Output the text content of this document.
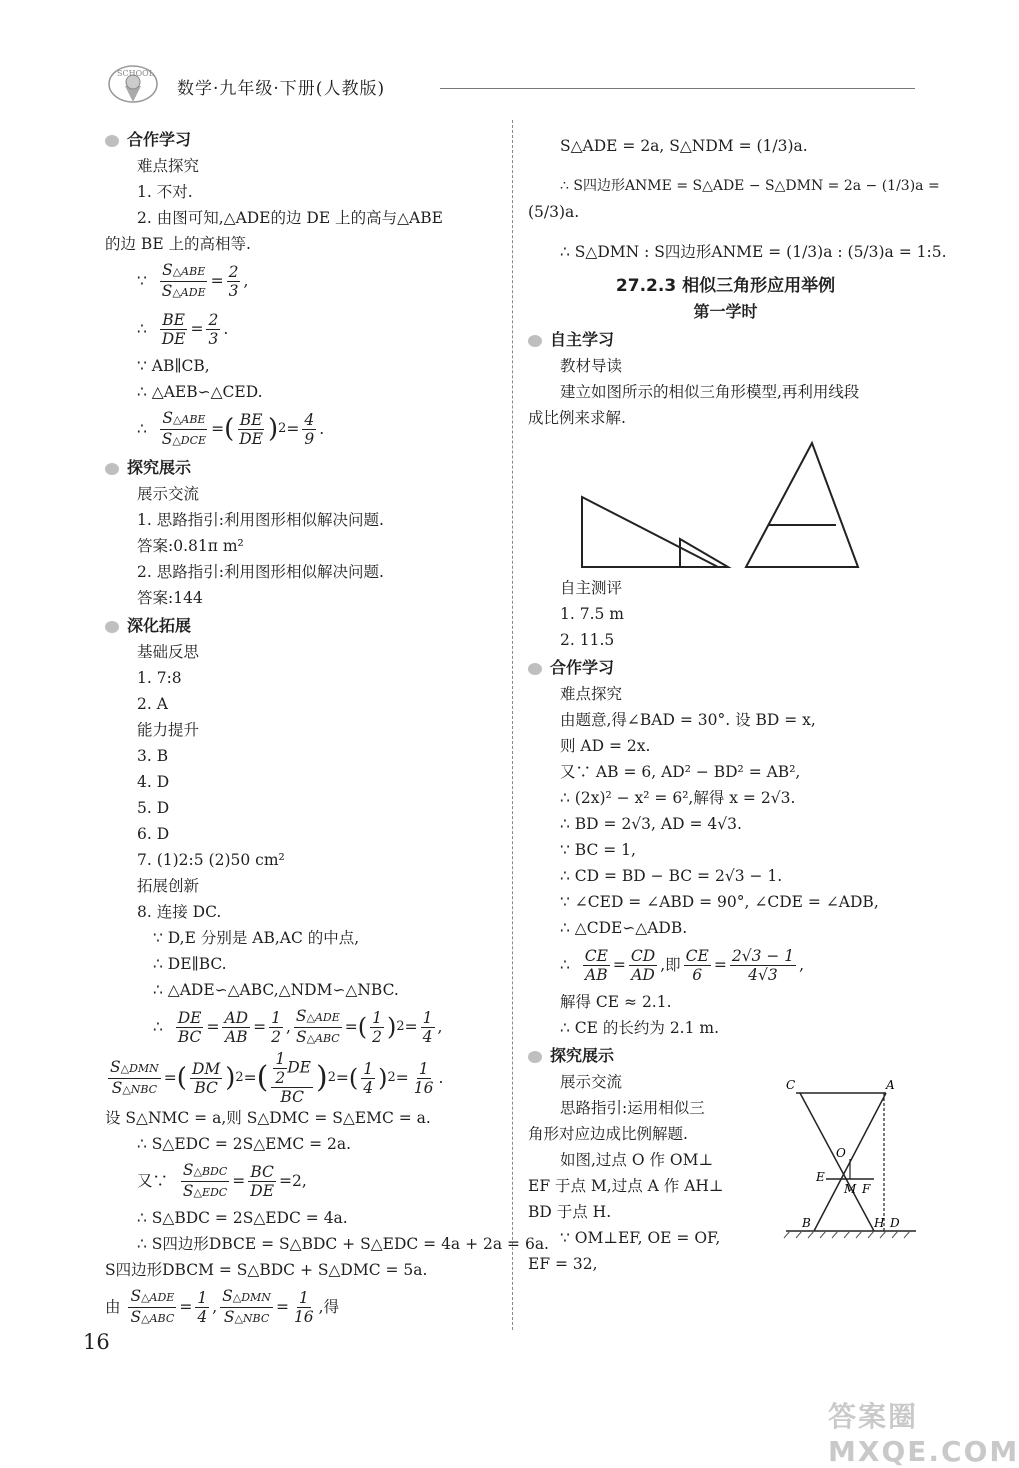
SCHOOL
数学·九年级·下册(人教版)
合作学习
难点探究
1. 不对.
2. 由图可知,△ADE的边 DE 上的高与△ABE
的边 BE 上的高相等.
∵ $\frac{\text{S△ABE}}{\text{S△ADE}} = \frac{2}{3}$ ,
∴ $\frac{BE}{DE} = \frac{2}{3}$ .
∵ AB∥CB,
∴ △AEB∽△CED.
∴ $\frac{\text{S△ABE}}{\text{S△DCE}}$ = ( $\frac{BE}{DE}$ ) $2 = \frac{4}{9}$ .
探究展示
展示交流
1. 思路指引:利用图形相似解决问题.
答案:0.81π m²
2. 思路指引:利用图形相似解决问题.
答案:144
深化拓展
基础反思
1. 7:8
2. A
能力提升
3. B
4. D
5. D
6. D
7. (1)2:5 (2)50 cm²
拓展创新
8. 连接 DC.
∵ D,E 分别是 AB,AC 的中点,
∴ DE∥BC.
∴ △ADE∽△ABC,△NDM∽△NBC.
∴ $\frac{DE}{BC} = \frac{AD}{AB} = \frac{1}{2}$ , $\frac{\text{S△ADE}}{\text{S△ABC}}$ = ( $\frac{1}{2}$ ) $2 = \frac{1}{4}$ ,
$\frac{\text{S△DMN}}{\text{S△NBC}}$ = ( $\frac{DM}{BC}$ ) 2 = ( $\frac{\frac{1}{2} DE}{BC}$ ) 2 = ( $\frac{1}{4}$ ) $2 = \frac{1}{16}$ .
设 S△NMC = a,则 S△DMC = S△EMC = a.
∴ S△EDC = 2S△EMC = 2a.
又∵ $\frac{\text{S△BDC}}{\text{S△EDC}} = \frac{BC}{DE} =2$,
∴ S△BDC = 2S△EDC = 4a.
∴ S四边形DBCE = S△BDC + S△EDC = 4a + 2a = 6a.
S四边形DBCM = S△BDC + S△DMC = 5a.
由 $\frac{\text{S△ADE}}{\text{S△ABC}} = \frac{1}{4}$ , $\frac{\text{S△DMN}}{\text{S△NBC}} = \frac{1}{16}$ ,得
S△ADE = 2a, S△NDM = (1/3)a.
∴ S四边形ANME = S△ADE − S△DMN = 2a − (1/3)a =
(5/3)a.
∴ S△DMN : S四边形ANME = (1/3)a : (5/3)a = 1:5.
27.2.3 相似三角形应用举例
第一学时
自主学习
教材导读
建立如图所示的相似三角形模型,再利用线段
成比例来求解.
自主测评
1. 7.5 m
2. 11.5
合作学习
难点探究
由题意,得∠BAD = 30°. 设 BD = x,
则 AD = 2x.
又∵ AB = 6, AD² − BD² = AB²,
∴ (2x)² − x² = 6²,解得 x = 2√3.
∴ BD = 2√3, AD = 4√3.
∵ BC = 1,
∴ CD = BD − BC = 2√3 − 1.
∵ ∠CED = ∠ABD = 90°, ∠CDE = ∠ADB,
∴ △CDE∽△ADB.
∴ $\frac{CE}{AB} = \frac{CD}{AD}$ ,即 $\frac{CE}{6} = \frac{2√3 - 1}{4√3}$ ,
解得 CE ≈ 2.1.
∴ CE 的长约为 2.1 m.
探究展示
展示交流
思路指引:运用相似三
角形对应边成比例解题.
如图,过点 O 作 OM⊥
EF 于点 M,过点 A 作 AH⊥
BD 于点 H.
∵ OM⊥EF, OE = OF,
EF = 32,
C	A
O
E
M F
B	H D
16
答案圈 MXQE.COM
